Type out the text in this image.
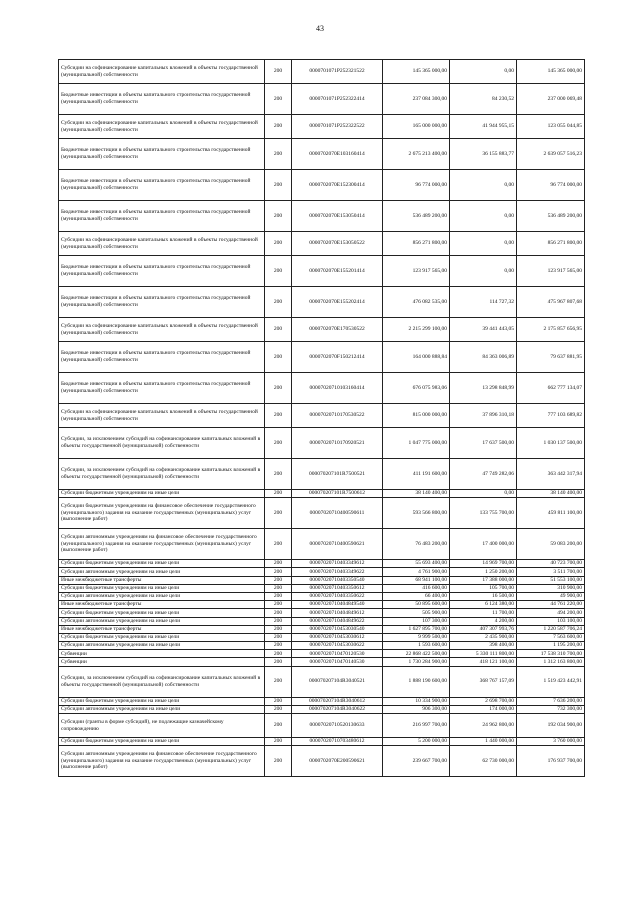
43
Субсидии на софинансирование капитальных вложений в объекты государственной (муниципальной) собственности	200	0000701071P252321522	145 365 000,00	0,00	145 365 000,00
Бюджетные инвестиции в объекты капитального строительства государственной (муниципальной) собственности	200	0000701071P252322414	237 084 300,00	84 230,52	237 000 069,48
Субсидии на софинансирование капитальных вложений в объекты государственной (муниципальной) собственности	200	0000701071P252322522	165 000 000,00	41 944 955,15	123 055 044,85
Бюджетные инвестиции в объекты капитального строительства государственной (муниципальной) собственности	200	0000702070E103160414	2 675 213 400,00	36 155 883,77	2 639 057 516,23
Бюджетные инвестиции в объекты капитального строительства государственной (муниципальной) собственности	200	0000702070E152300414	96 774 000,00	0,00	96 774 000,00
Бюджетные инвестиции в объекты капитального строительства государственной (муниципальной) собственности	200	0000702070E153050414	536 489 200,00	0,00	536 489 200,00
Субсидии на софинансирование капитальных вложений в объекты государственной (муниципальной) собственности	200	0000702070E153050522	856 271 800,00	0,00	856 271 800,00
Бюджетные инвестиции в объекты капитального строительства государственной (муниципальной) собственности	200	0000702070E155201414	123 917 565,00	0,00	123 917 565,00
Бюджетные инвестиции в объекты капитального строительства государственной (муниципальной) собственности	200	0000702070E155202414	476 082 535,00	114 727,32	475 967 807,68
Субсидии на софинансирование капитальных вложений в объекты государственной (муниципальной) собственности	200	0000702070E170530522	2 215 299 100,00	39 441 443,05	2 175 857 656,95
Бюджетные инвестиции в объекты капитального строительства государственной (муниципальной) собственности	200	0000702070F150212414	164 000 888,84	84 363 006,89	79 637 881,95
Бюджетные инвестиции в объекты капитального строительства государственной (муниципальной) собственности	200	00007020710103160414	676 075 983,06	13 298 848,99	662 777 134,07
Субсидии на софинансирование капитальных вложений в объекты государственной (муниципальной) собственности	200	00007020710170530522	815 000 000,00	37 896 310,18	777 103 689,82
Субсидии, за исключением субсидий на софинансирование капитальных вложений в объекты государственной (муниципальной) собственности	200	00007020710170920521	1 047 775 000,00	17 637 500,00	1 030 137 500,00
Субсидии, за исключением субсидий на софинансирование капитальных вложений в объекты государственной (муниципальной) собственности	200	000070207101R7500521	411 191 600,00	47 749 282,06	363 442 317,94
Субсидии бюджетным учреждениям на иные цели	200	000070207101R7500612	38 140 400,00	0,00	38 140 400,00
Субсидии бюджетным учреждениям на финансовое обеспечение государственного (муниципального) задания на оказание государственных (муниципальных) услуг (выполнение работ)	200	00007020710400590611	593 566 800,00	133 755 700,00	459 811 100,00
Субсидии автономным учреждениям на финансовое обеспечение государственного (муниципального) задания на оказание государственных (муниципальных) услуг (выполнение работ)	200	00007020710400590621	76 483 200,00	17 400 000,00	59 083 200,00
Субсидии бюджетным учреждениям на иные цели	200	00007020710403349612	55 693 400,00	14 969 700,00	40 723 700,00
Субсидии автономным учреждениям на иные цели	200	00007020710403349622	4 761 900,00	1 250 200,00	3 511 700,00
Иные межбюджетные трансферты	200	00007020710403350540	68 941 100,00	17 388 000,00	51 553 100,00
Субсидии бюджетным учреждениям на иные цели	200	00007020710403350612	416 600,00	105 700,00	310 900,00
Субсидии автономным учреждениям на иные цели	200	00007020710403350622	66 400,00	16 500,00	49 900,00
Иные межбюджетные трансферты	200	00007020710404849540	50 895 600,00	6 124 380,00	44 761 220,00
Субсидии бюджетным учреждениям на иные цели	200	00007020710404849612	505 900,00	11 700,00	494 200,00
Субсидии автономным учреждениям на иные цели	200	00007020710404849622	107 300,00	4 200,00	103 100,00
Иные межбюджетные трансферты	200	00007020710453030540	1 627 895 700,00	407 307 993,76	1 220 587 706,24
Субсидии бюджетным учреждениям на иные цели	200	00007020710453030612	9 999 500,00	2 435 900,00	7 563 600,00
Субсидии автономным учреждениям на иные цели	200	00007020710453030622	1 593 600,00	398 400,00	1 195 200,00
Субвенции	200	00007020710470120530	22 868 422 500,00	5 330 111 800,00	17 538 310 700,00
Субвенции	200	00007020710470140530	1 730 284 900,00	418 121 100,00	1 312 163 800,00
Субсидии, за исключением субсидий на софинансирование капитальных вложений в объекты государственной (муниципальной) собственности	200	000070207104R3040521	1 888 190 600,00	368 767 157,09	1 519 423 442,91
Субсидии бюджетным учреждениям на иные цели	200	000070207104R3040612	10 334 900,00	2 698 700,00	7 636 200,00
Субсидии автономным учреждениям на иные цели	200	000070207104R3040622	906 300,00	174 000,00	732 300,00
Субсидии (гранты в форме субсидий), не подлежащие казначейскому сопровождению	200	00007020710520130633	216 997 700,00	24 962 800,00	192 034 900,00
Субсидии бюджетным учреждениям на иные цели	200	00007020710703480612	5 200 000,00	1 440 000,00	3 760 000,00
Субсидии автономным учреждениям на финансовое обеспечение государственного (муниципального) задания на оказание государственных (муниципальных) услуг (выполнение работ)	200	0000702070E200590621	239 667 700,00	62 730 000,00	176 937 700,00
